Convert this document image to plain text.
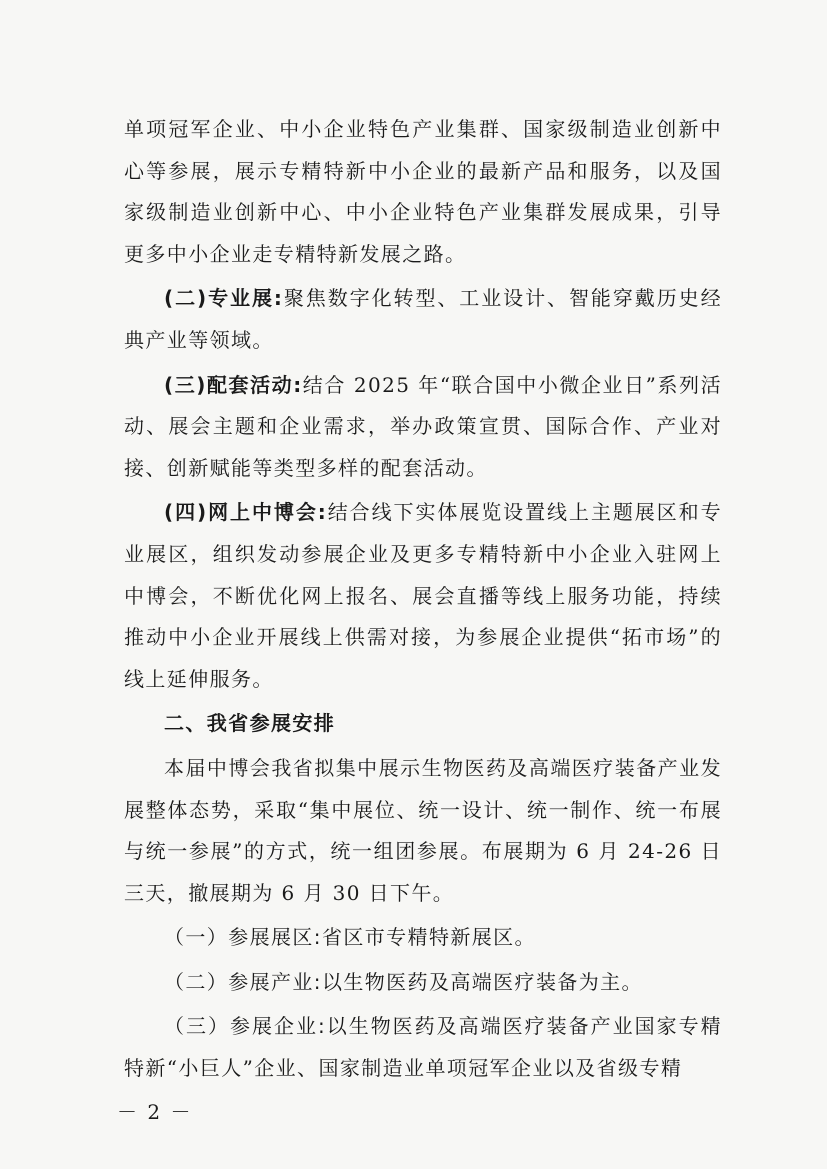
单项冠军企业、中小企业特色产业集群、国家级制造业创新中心等参展，展示专精特新中小企业的最新产品和服务，以及国家级制造业创新中心、中小企业特色产业集群发展成果，引导更多中小企业走专精特新发展之路。

(二)专业展:聚焦数字化转型、工业设计、智能穿戴历史经典产业等领域。

(三)配套活动:结合 2025 年“联合国中小微企业日”系列活动、展会主题和企业需求，举办政策宣贯、国际合作、产业对接、创新赋能等类型多样的配套活动。

(四)网上中博会:结合线下实体展览设置线上主题展区和专业展区，组织发动参展企业及更多专精特新中小企业入驻网上中博会，不断优化网上报名、展会直播等线上服务功能，持续推动中小企业开展线上供需对接，为参展企业提供“拓市场”的线上延伸服务。

二、我省参展安排

本届中博会我省拟集中展示生物医药及高端医疗装备产业发展整体态势，采取“集中展位、统一设计、统一制作、统一布展与统一参展”的方式，统一组团参展。布展期为 6 月 24-26 日三天，撤展期为 6 月 30 日下午。

（一）参展展区:省区市专精特新展区。

（二）参展产业:以生物医药及高端医疗装备为主。

（三）参展企业:以生物医药及高端医疗装备产业国家专精特新“小巨人”企业、国家制造业单项冠军企业以及省级专精

－ 2 －
